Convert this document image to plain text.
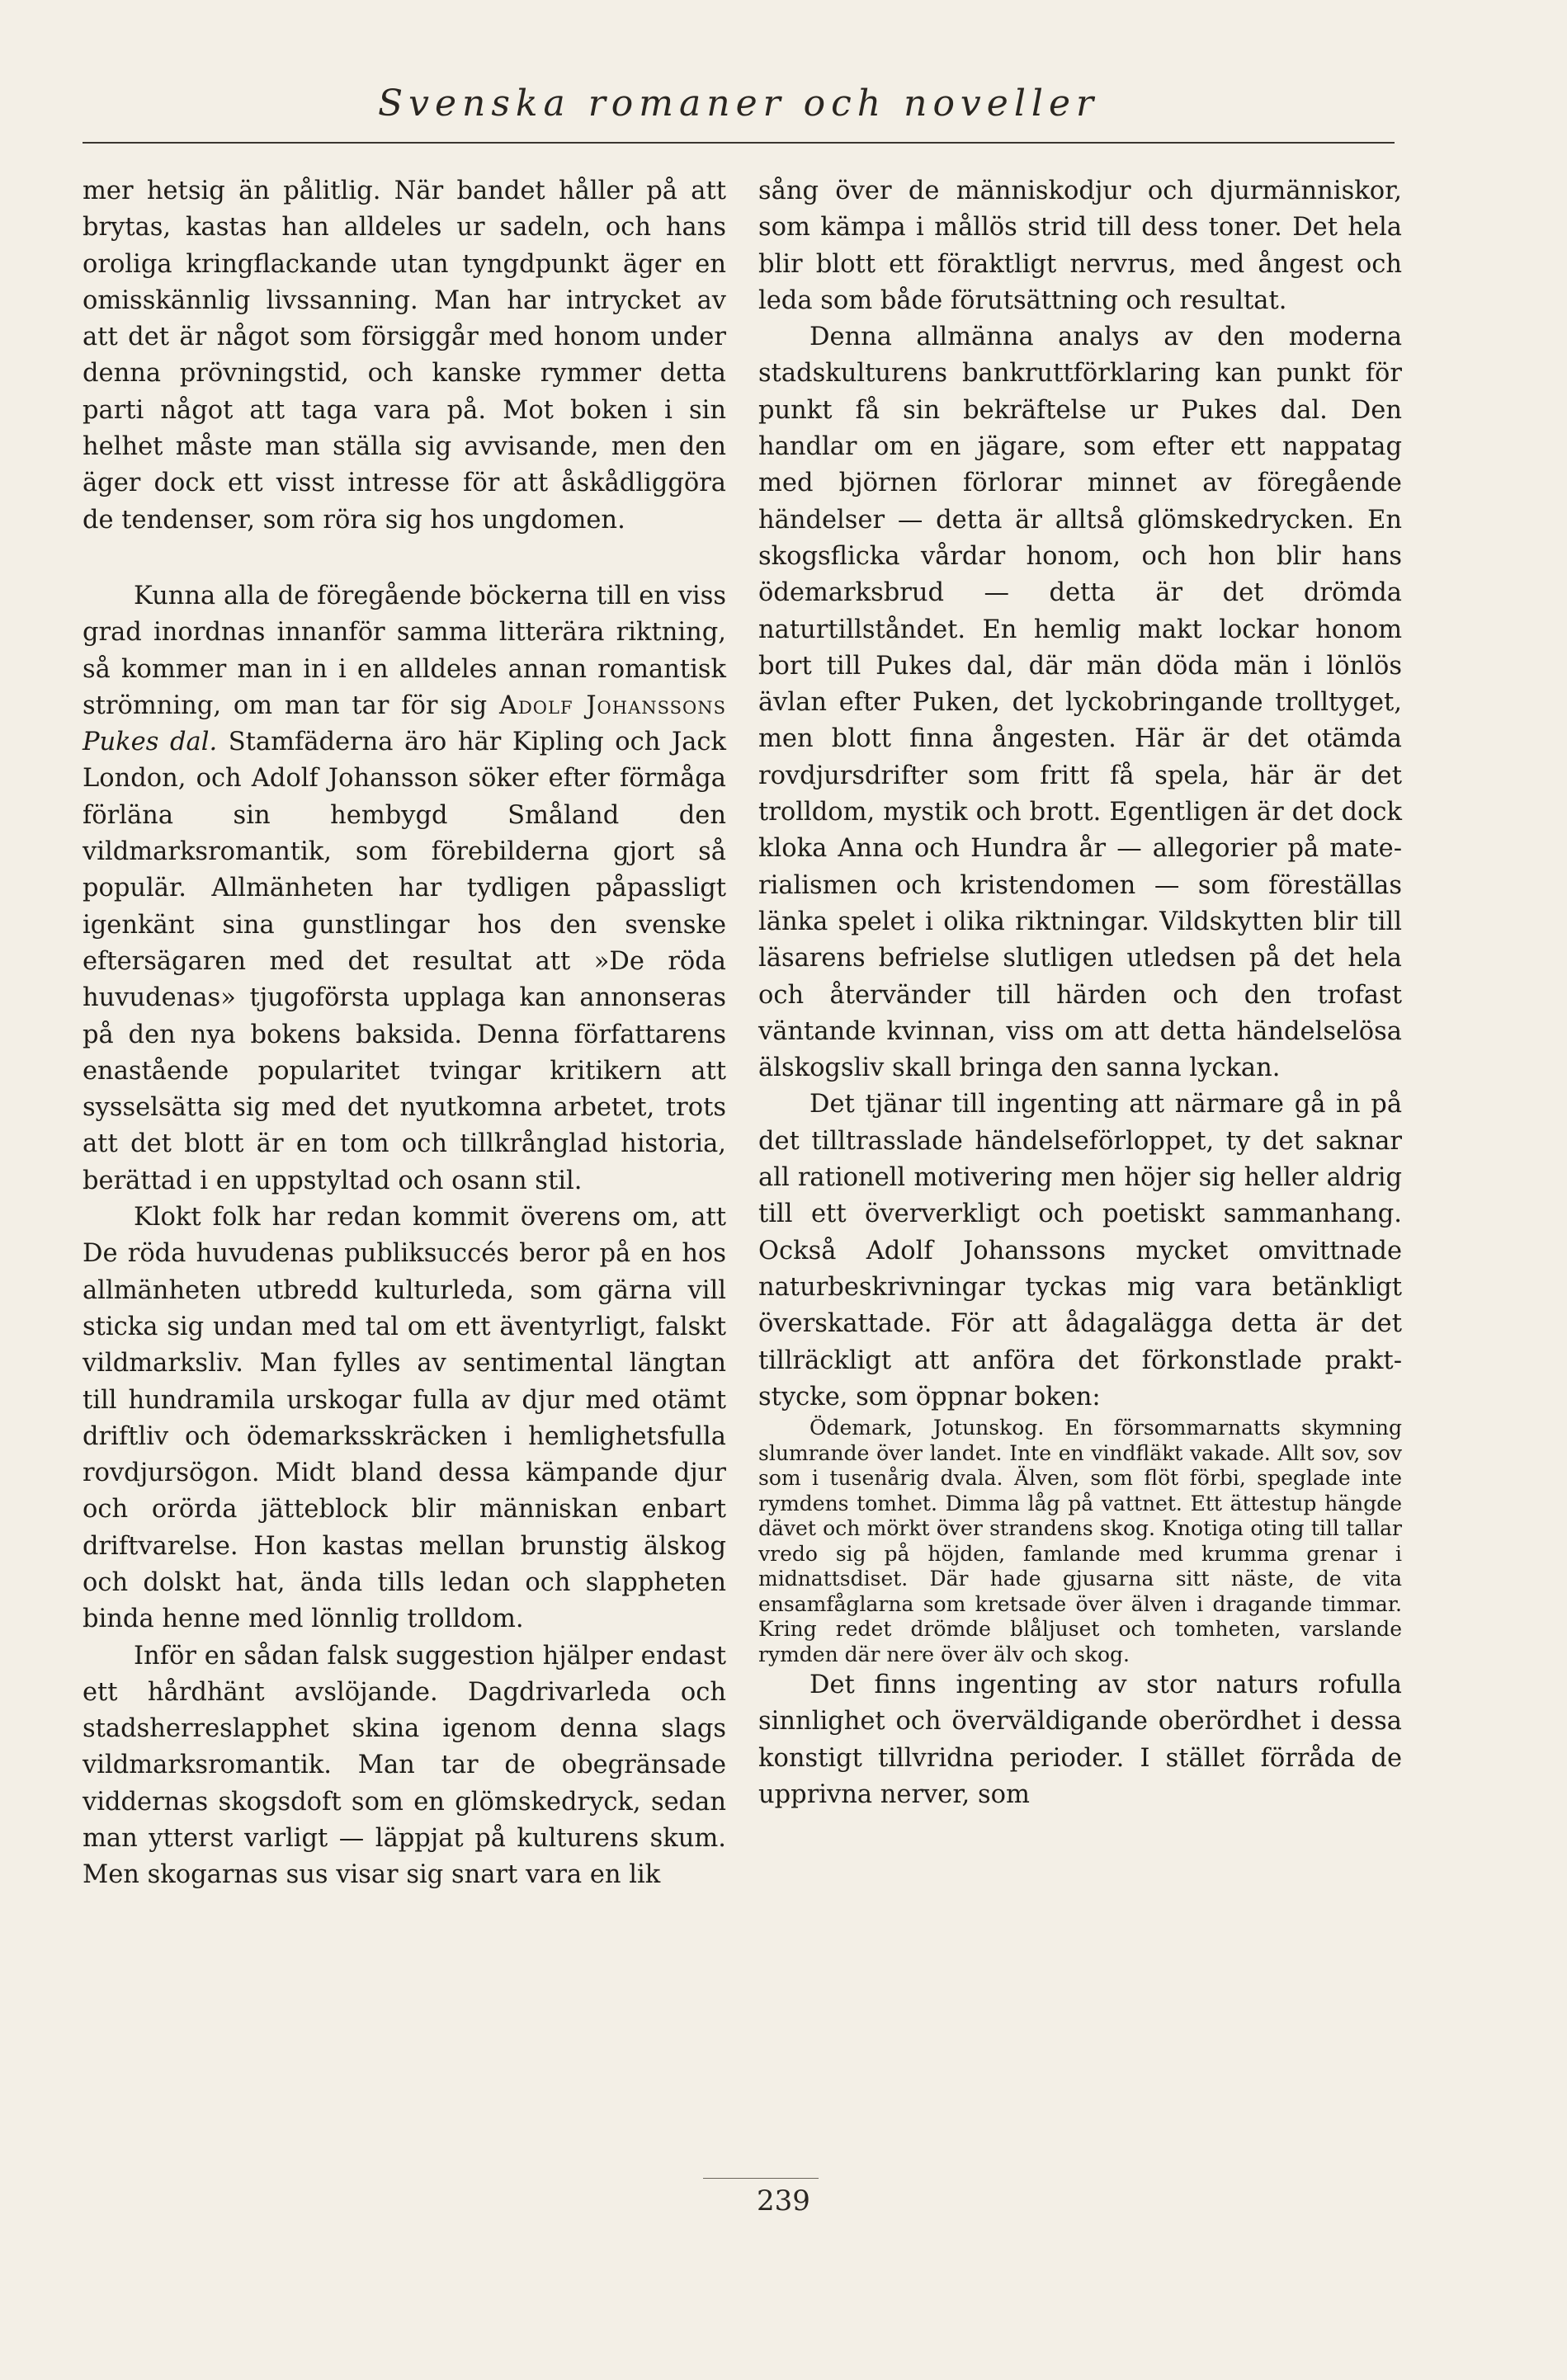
Svenska romaner och noveller

mer hetsig än pålitlig. När bandet håller på att brytas, kastas han alldeles ur sadeln, och hans oroliga kringflackande utan tyngdpunkt äger en omisskännlig livssanning. Man har intrycket av att det är något som försiggår med honom under denna prövningstid, och kanske rymmer detta parti något att taga vara på. Mot boken i sin helhet måste man ställa sig avvisande, men den äger dock ett visst intresse för att åskådliggöra de tendenser, som röra sig hos ungdomen.

Kunna alla de föregående böckerna till en viss grad inordnas innanför samma litterära riktning, så kommer man in i en alldeles annan romantisk strömning, om man tar för sig Adolf Johanssons Pukes dal. Stamfäderna äro här Kipling och Jack London, och Adolf Johansson söker efter förmåga förläna sin hembygd Småland den vildmarksromantik, som förebilderna gjort så populär. Allmänheten har tydligen påpassligt igenkänt sina gunstlingar hos den svenske eftersägaren med det resultat att »De röda huvudenas» tjugoförsta upplaga kan annonseras på den nya bokens baksida. Denna författarens enastående popularitet tvingar kritikern att sysselsätta sig med det nyutkomna arbetet, trots att det blott är en tom och tillkrånglad historia, berättad i en uppstyltad och osann stil.

Klokt folk har redan kommit överens om, att De röda huvudenas publiksuccés beror på en hos allmänheten utbredd kulturleda, som gärna vill sticka sig undan med tal om ett äventyrligt, falskt vildmarksliv. Man fylles av sentimental längtan till hundramila urskogar fulla av djur med otämt driftliv och ödemarksskräcken i hemlighetsfulla rovdjursögon. Midt bland dessa kämpande djur och orörda jätteblock blir människan enbart driftvarelse. Hon kastas mellan brunstig älskog och dolskt hat, ända tills ledan och slappheten binda henne med lönnlig trolldom.

Inför en sådan falsk suggestion hjälper endast ett hårdhänt avslöjande. Dagdrivarleda och stadsherreslapphet skina igenom denna slags vildmarksromantik. Man tar de obegränsade viddernas skogsdoft som en glömskedryck, sedan man ytterst varligt — läppjat på kulturens skum. Men skogarnas sus visar sig snart vara en lik

sång över de människodjur och djurmänniskor, som kämpa i mållös strid till dess toner. Det hela blir blott ett föraktligt nervrus, med ångest och leda som både förutsättning och resultat.

Denna allmänna analys av den moderna stadskulturens bankruttförklaring kan punkt för punkt få sin bekräftelse ur Pukes dal. Den handlar om en jägare, som efter ett nappatag med björnen förlorar minnet av föregående händelser — detta är alltså glömskedrycken. En skogsflicka vårdar honom, och hon blir hans ödemarksbrud — detta är det drömda naturtillståndet. En hemlig makt lockar honom bort till Pukes dal, där män döda män i lönlös ävlan efter Puken, det lyckobringande trolltyget, men blott finna ångesten. Här är det otämda rovdjursdrifter som fritt få spela, här är det trolldom, mystik och brott. Egentligen är det dock kloka Anna och Hundra år — allegorier på materialismen och kristendomen — som föreställas länka spelet i olika riktningar. Vildskytten blir till läsarens befrielse slutligen utledsen på det hela och återvänder till härden och den trofast väntande kvinnan, viss om att detta händelselösa älskogsliv skall bringa den sanna lyckan.

Det tjänar till ingenting att närmare gå in på det tilltrasslade händelseförloppet, ty det saknar all rationell motivering men höjer sig heller aldrig till ett öververkligt och poetiskt sammanhang. Också Adolf Johanssons mycket omvittnade naturbeskrivningar tyckas mig vara betänkligt överskattade. För att ådagalägga detta är det tillräckligt att anföra det förkonstlade praktstycke, som öppnar boken:

Ödemark, Jotunskog. En försommarnatts skymning slumrande över landet. Inte en vindfläkt vakade. Allt sov, sov som i tusenårig dvala. Älven, som flöt förbi, speglade inte rymdens tomhet. Dimma låg på vattnet. Ett ättestup hängde dävet och mörkt över strandens skog. Knotiga oting till tallar vredo sig på höjden, famlande med krumma grenar i midnattsdiset. Där hade gjusarna sitt näste, de vita ensamfåglarna som kretsade över älven i dragande timmar. Kring redet drömde blåljuset och tomheten, varslande rymden där nere över älv och skog.

Det finns ingenting av stor naturs rofulla sinnlighet och överväldigande oberördhet i dessa konstigt tillvridna perioder. I stället förråda de upprivna nerver, som

239
